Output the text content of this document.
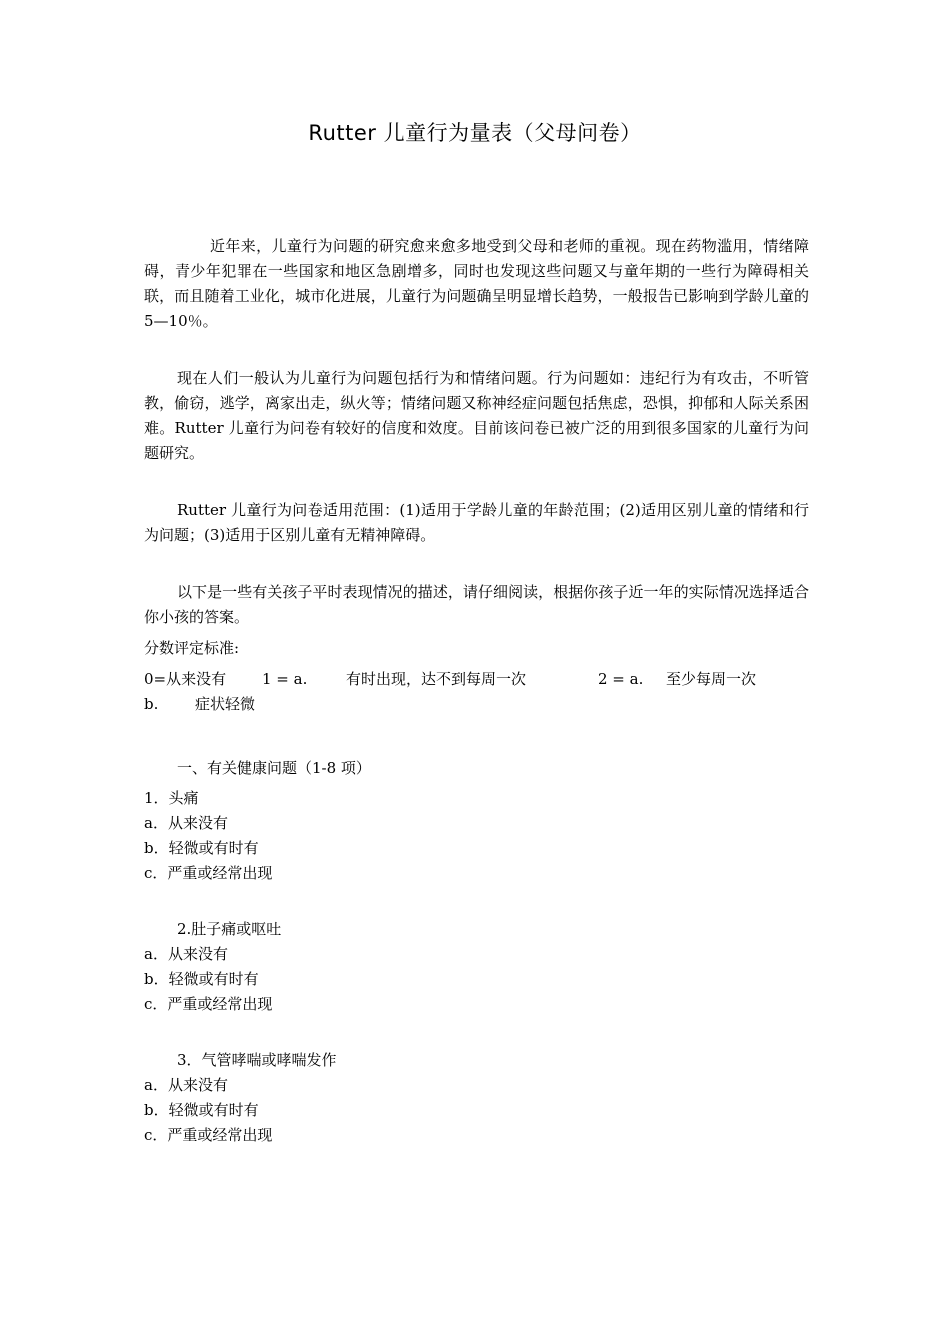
Rutter 儿童行为量表（父母问卷）

近年来，儿童行为问题的研究愈来愈多地受到父母和老师的重视。现在药物滥用，情绪障碍，青少年犯罪在一些国家和地区急剧增多，同时也发现这些问题又与童年期的一些行为障碍相关联，而且随着工业化，城市化进展，儿童行为问题确呈明显增长趋势，一般报告已影响到学龄儿童的 5—10％。

现在人们一般认为儿童行为问题包括行为和情绪问题。行为问题如：违纪行为有攻击，不听管教，偷窃，逃学，离家出走，纵火等；情绪问题又称神经症问题包括焦虑，恐惧，抑郁和人际关系困难。Rutter 儿童行为问卷有较好的信度和效度。目前该问卷已被广泛的用到很多国家的儿童行为问题研究。

Rutter 儿童行为问卷适用范围：(1)适用于学龄儿童的年龄范围；(2)适用区别儿童的情绪和行为问题；(3)适用于区别儿童有无精神障碍。

以下是一些有关孩子平时表现情况的描述，请仔细阅读，根据你孩子近一年的实际情况选择适合你小孩的答案。

分数评定标准:
0=从来没有 1 = a.	有时出现，达不到每周一次	2 = a. 至少每周一次
b. 症状轻微
一、有关健康问题（1-8 项）
1．头痛
a．从来没有
b．轻微或有时有
c．严重或经常出现
2.肚子痛或呕吐
a．从来没有
b．轻微或有时有
c．严重或经常出现
3．气管哮喘或哮喘发作
a．从来没有
b．轻微或有时有
c．严重或经常出现
